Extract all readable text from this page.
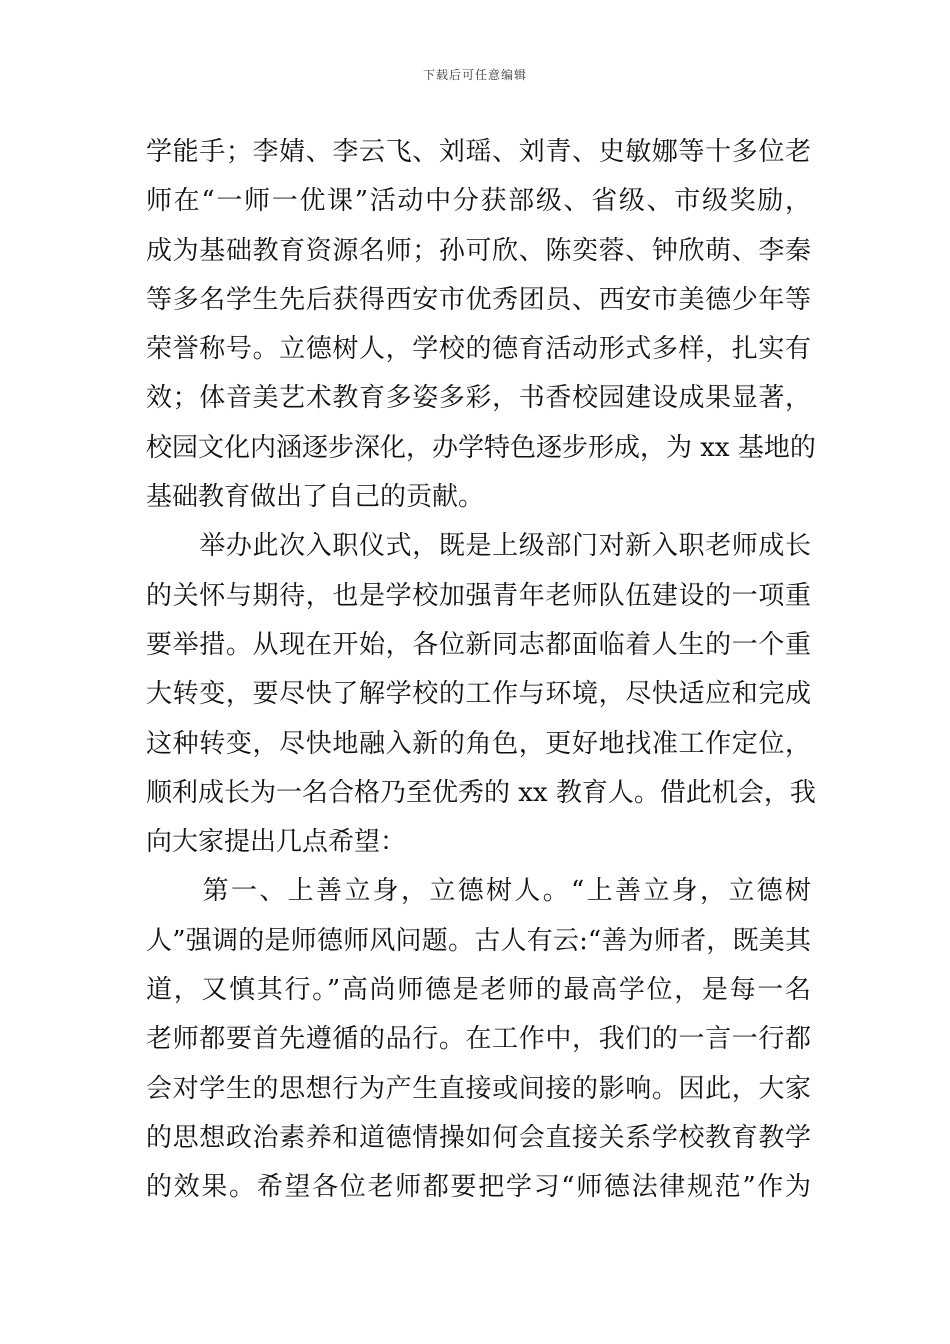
下载后可任意编辑
学能手；李婧、李云飞、刘瑶、刘青、史敏娜等十多位老
师在“一师一优课”活动中分获部级、省级、市级奖励，
成为基础教育资源名师；孙可欣、陈奕蓉、钟欣萌、李秦
等多名学生先后获得西安市优秀团员、西安市美德少年等
荣誉称号。立德树人，学校的德育活动形式多样，扎实有
效；体音美艺术教育多姿多彩，书香校园建设成果显著，
校园文化内涵逐步深化，办学特色逐步形成，为 xx 基地的
基础教育做出了自己的贡献。
　　举办此次入职仪式，既是上级部门对新入职老师成长
的关怀与期待，也是学校加强青年老师队伍建设的一项重
要举措。从现在开始，各位新同志都面临着人生的一个重
大转变，要尽快了解学校的工作与环境，尽快适应和完成
这种转变，尽快地融入新的角色，更好地找准工作定位，
顺利成长为一名合格乃至优秀的 xx 教育人。借此机会，我
向大家提出几点希望：
　　第一、上善立身，立德树人。“上善立身，立德树
人”强调的是师德师风问题。古人有云:“善为师者，既美其
道，又慎其行。”高尚师德是老师的最高学位，是每一名
老师都要首先遵循的品行。在工作中，我们的一言一行都
会对学生的思想行为产生直接或间接的影响。因此，大家
的思想政治素养和道德情操如何会直接关系学校教育教学
的效果。希望各位老师都要把学习“师德法律规范”作为
